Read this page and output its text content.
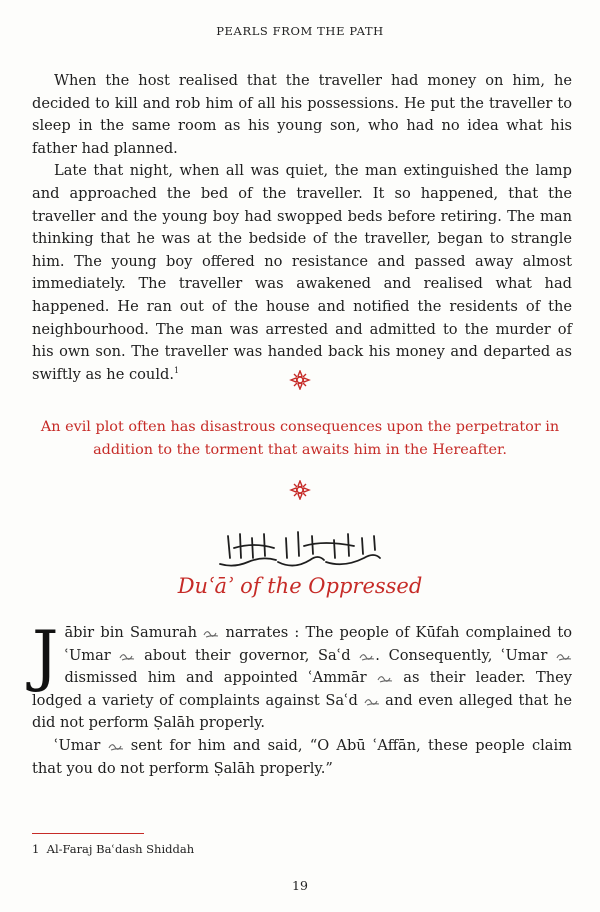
PEARLS FROM THE PATH

When the host realised that the traveller had money on him, he decided to kill and rob him of all his possessions. He put the traveller to sleep in the same room as his young son, who had no idea what his father had planned.

Late that night, when all was quiet, the man extinguished the lamp and approached the bed of the traveller. It so happened, that the traveller and the young boy had swopped beds before retiring. The man thinking that he was at the bedside of the traveller, began to strangle him. The young boy offered no resistance and passed away almost immediately. The traveller was awakened and realised what had happened. He ran out of the house and notified the residents of the neighbourhood. The man was arrested and admitted to the murder of his own son. The traveller was handed back his money and departed as swiftly as he could.$^1$

An evil plot often has disastrous consequences upon the perpetrator in
addition to the torment that awaits him in the Hereafter.
Duʿāʾ of the Oppressed

Jābir bin Samurah  narrates : The people of Kūfah complained to ʿUmar  about their governor, Saʿd . Consequently, ʿUmar  dismissed him and appointed ʿAmmār  as their leader. They lodged a variety of complaints against Saʿd  and even alleged that he did not perform Ṣalāh properly.

ʿUmar  sent for him and said, “O Abū ʿAffān, these people claim that you do not perform Ṣalāh properly.”

1 Al-Faraj Baʿdash Shiddah
19
